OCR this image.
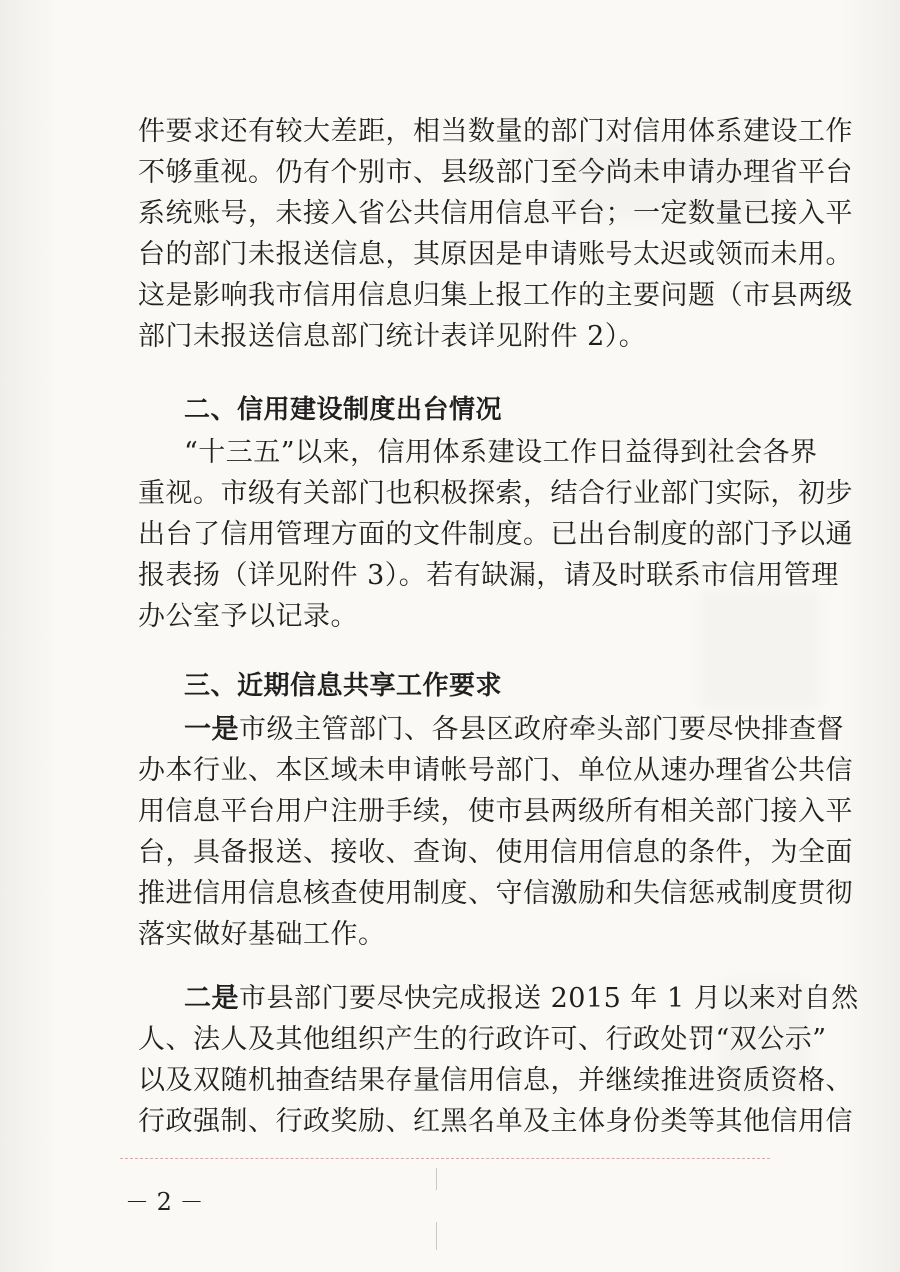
件要求还有较大差距，相当数量的部门对信用体系建设工作
不够重视。仍有个别市、县级部门至今尚未申请办理省平台
系统账号，未接入省公共信用信息平台；一定数量已接入平
台的部门未报送信息，其原因是申请账号太迟或领而未用。
这是影响我市信用信息归集上报工作的主要问题（市县两级
部门未报送信息部门统计表详见附件 2）。
二、信用建设制度出台情况
“十三五”以来，信用体系建设工作日益得到社会各界
重视。市级有关部门也积极探索，结合行业部门实际，初步
出台了信用管理方面的文件制度。已出台制度的部门予以通
报表扬（详见附件 3）。若有缺漏，请及时联系市信用管理
办公室予以记录。
三、近期信息共享工作要求
一是市级主管部门、各县区政府牵头部门要尽快排查督
办本行业、本区域未申请帐号部门、单位从速办理省公共信
用信息平台用户注册手续，使市县两级所有相关部门接入平
台，具备报送、接收、查询、使用信用信息的条件，为全面
推进信用信息核查使用制度、守信激励和失信惩戒制度贯彻
落实做好基础工作。
二是市县部门要尽快完成报送 2015 年 1 月以来对自然
人、法人及其他组织产生的行政许可、行政处罚“双公示”
以及双随机抽查结果存量信用信息，并继续推进资质资格、
行政强制、行政奖励、红黑名单及主体身份类等其他信用信
－ 2 －
